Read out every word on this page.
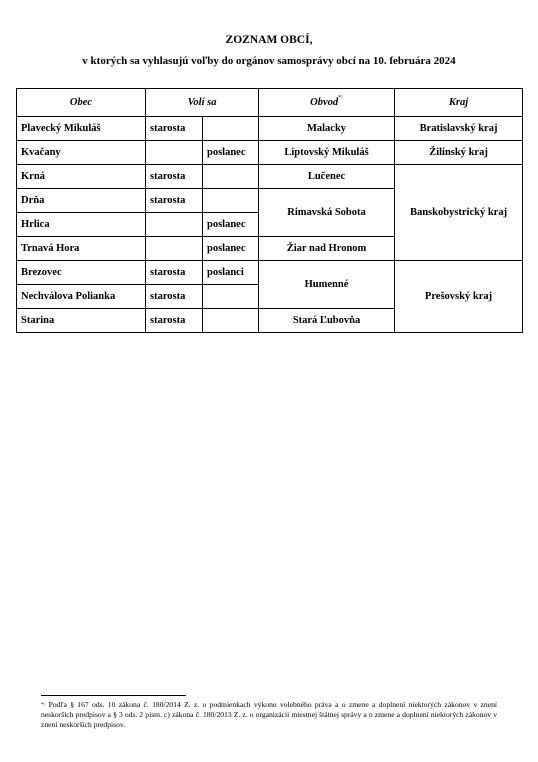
ZOZNAM OBCÍ,
v ktorých sa vyhlasujú voľby do orgánov samosprávy obcí na 10. februára 2024
Obec	Volí sa		Obvod*/	Kraj
Plavecký Mikuláš	starosta		Malacky	Bratislavský kraj
Kvačany		poslanec	Liptovský Mikuláš	Žilinský kraj
Krná	starosta		Lučenec	Banskobystrický kraj
Drňa	starosta		Rimavská Sobota	
Hrlica		poslanec		
Trnavá Hora		poslanec	Žiar nad Hronom	
Brezovec	starosta	poslanci	Humenné	Prešovský kraj
Nechválova Polianka	starosta			
Starina	starosta		Stará Ľubovňa	
*/ Podľa § 167 ods. 10 zákona č. 180/2014 Z. z. o podmienkach výkonu volebného práva a o zmene a doplnení niektorých zákonov v znení neskorších predpisov a § 3 ods. 2 písm. c) zákona č. 180/2013 Z. z. o organizácii miestnej štátnej správy a o zmene a doplnení niektorých zákonov v znení neskorších predpisov.
